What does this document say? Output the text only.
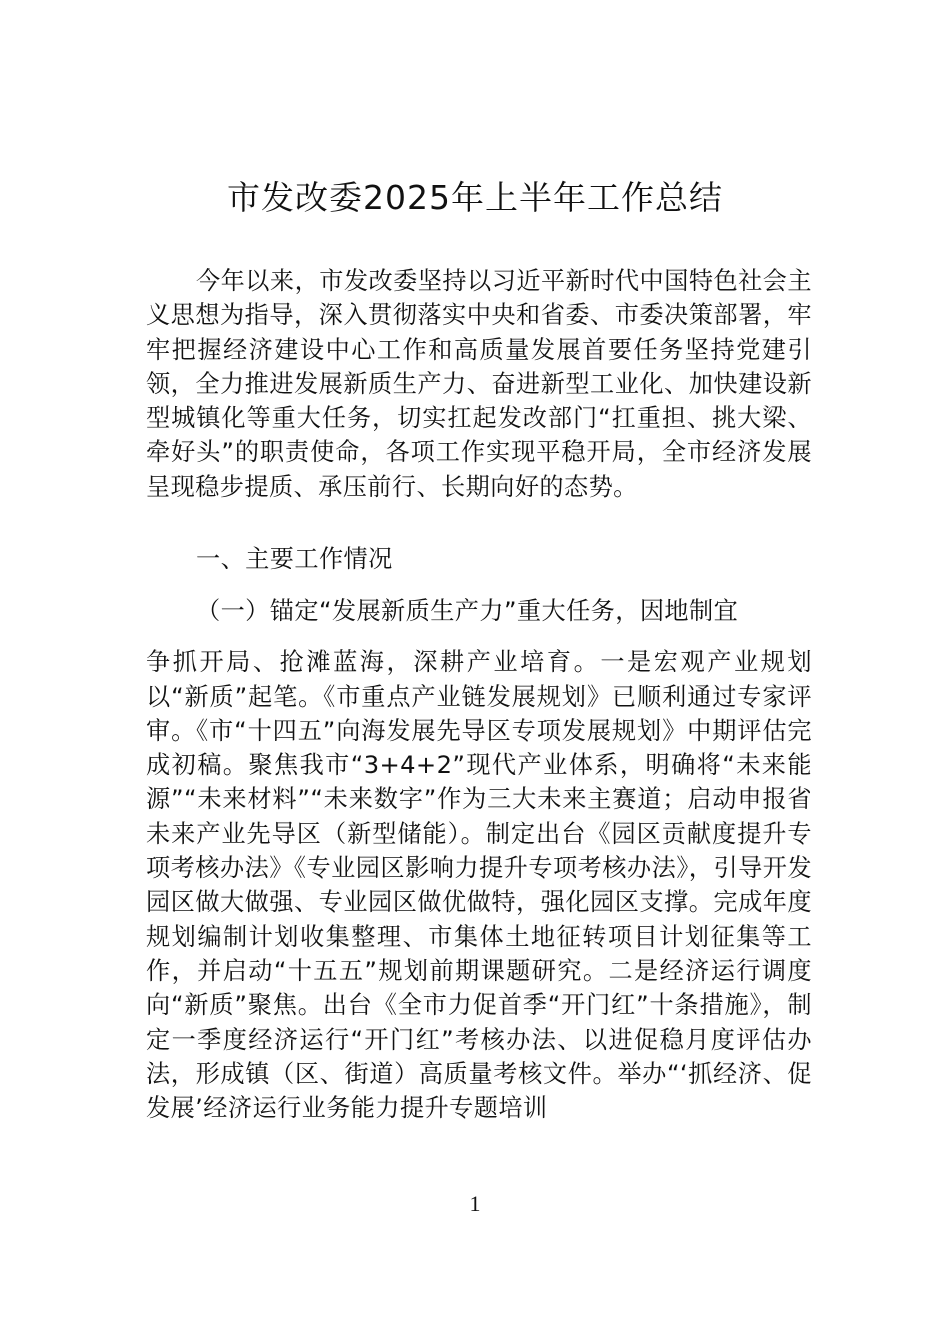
市发改委2025年上半年工作总结

今年以来，市发改委坚持以习近平新时代中国特色社会主义思想为指导，深入贯彻落实中央和省委、市委决策部署，牢牢把握经济建设中心工作和高质量发展首要任务坚持党建引领，全力推进发展新质生产力、奋进新型工业化、加快建设新型城镇化等重大任务，切实扛起发改部门“扛重担、挑大梁、牵好头”的职责使命，各项工作实现平稳开局，全市经济发展呈现稳步提质、承压前行、长期向好的态势。

一、主要工作情况

（一）锚定“发展新质生产力”重大任务，因地制宜
争抓开局、抢滩蓝海，深耕产业培育。一是宏观产业规划以“新质”起笔。《市重点产业链发展规划》已顺利通过专家评审。《市“十四五”向海发展先导区专项发展规划》中期评估完成初稿。聚焦我市“3+4+2”现代产业体系，明确将“未来能源”“未来材料”“未来数字”作为三大未来主赛道；启动申报省未来产业先导区（新型储能）。制定出台《园区贡献度提升专项考核办法》《专业园区影响力提升专项考核办法》，引导开发园区做大做强、专业园区做优做特，强化园区支撑。完成年度规划编制计划收集整理、市集体土地征转项目计划征集等工作，并启动“十五五”规划前期课题研究。二是经济运行调度向“新质”聚焦。出台《全市力促首季“开门红”十条措施》，制定一季度经济运行“开门红”考核办法、以进促稳月度评估办法，形成镇（区、街道）高质量考核文件。举办“‘抓经济、促发展’经济运行业务能力提升专题培训
1
